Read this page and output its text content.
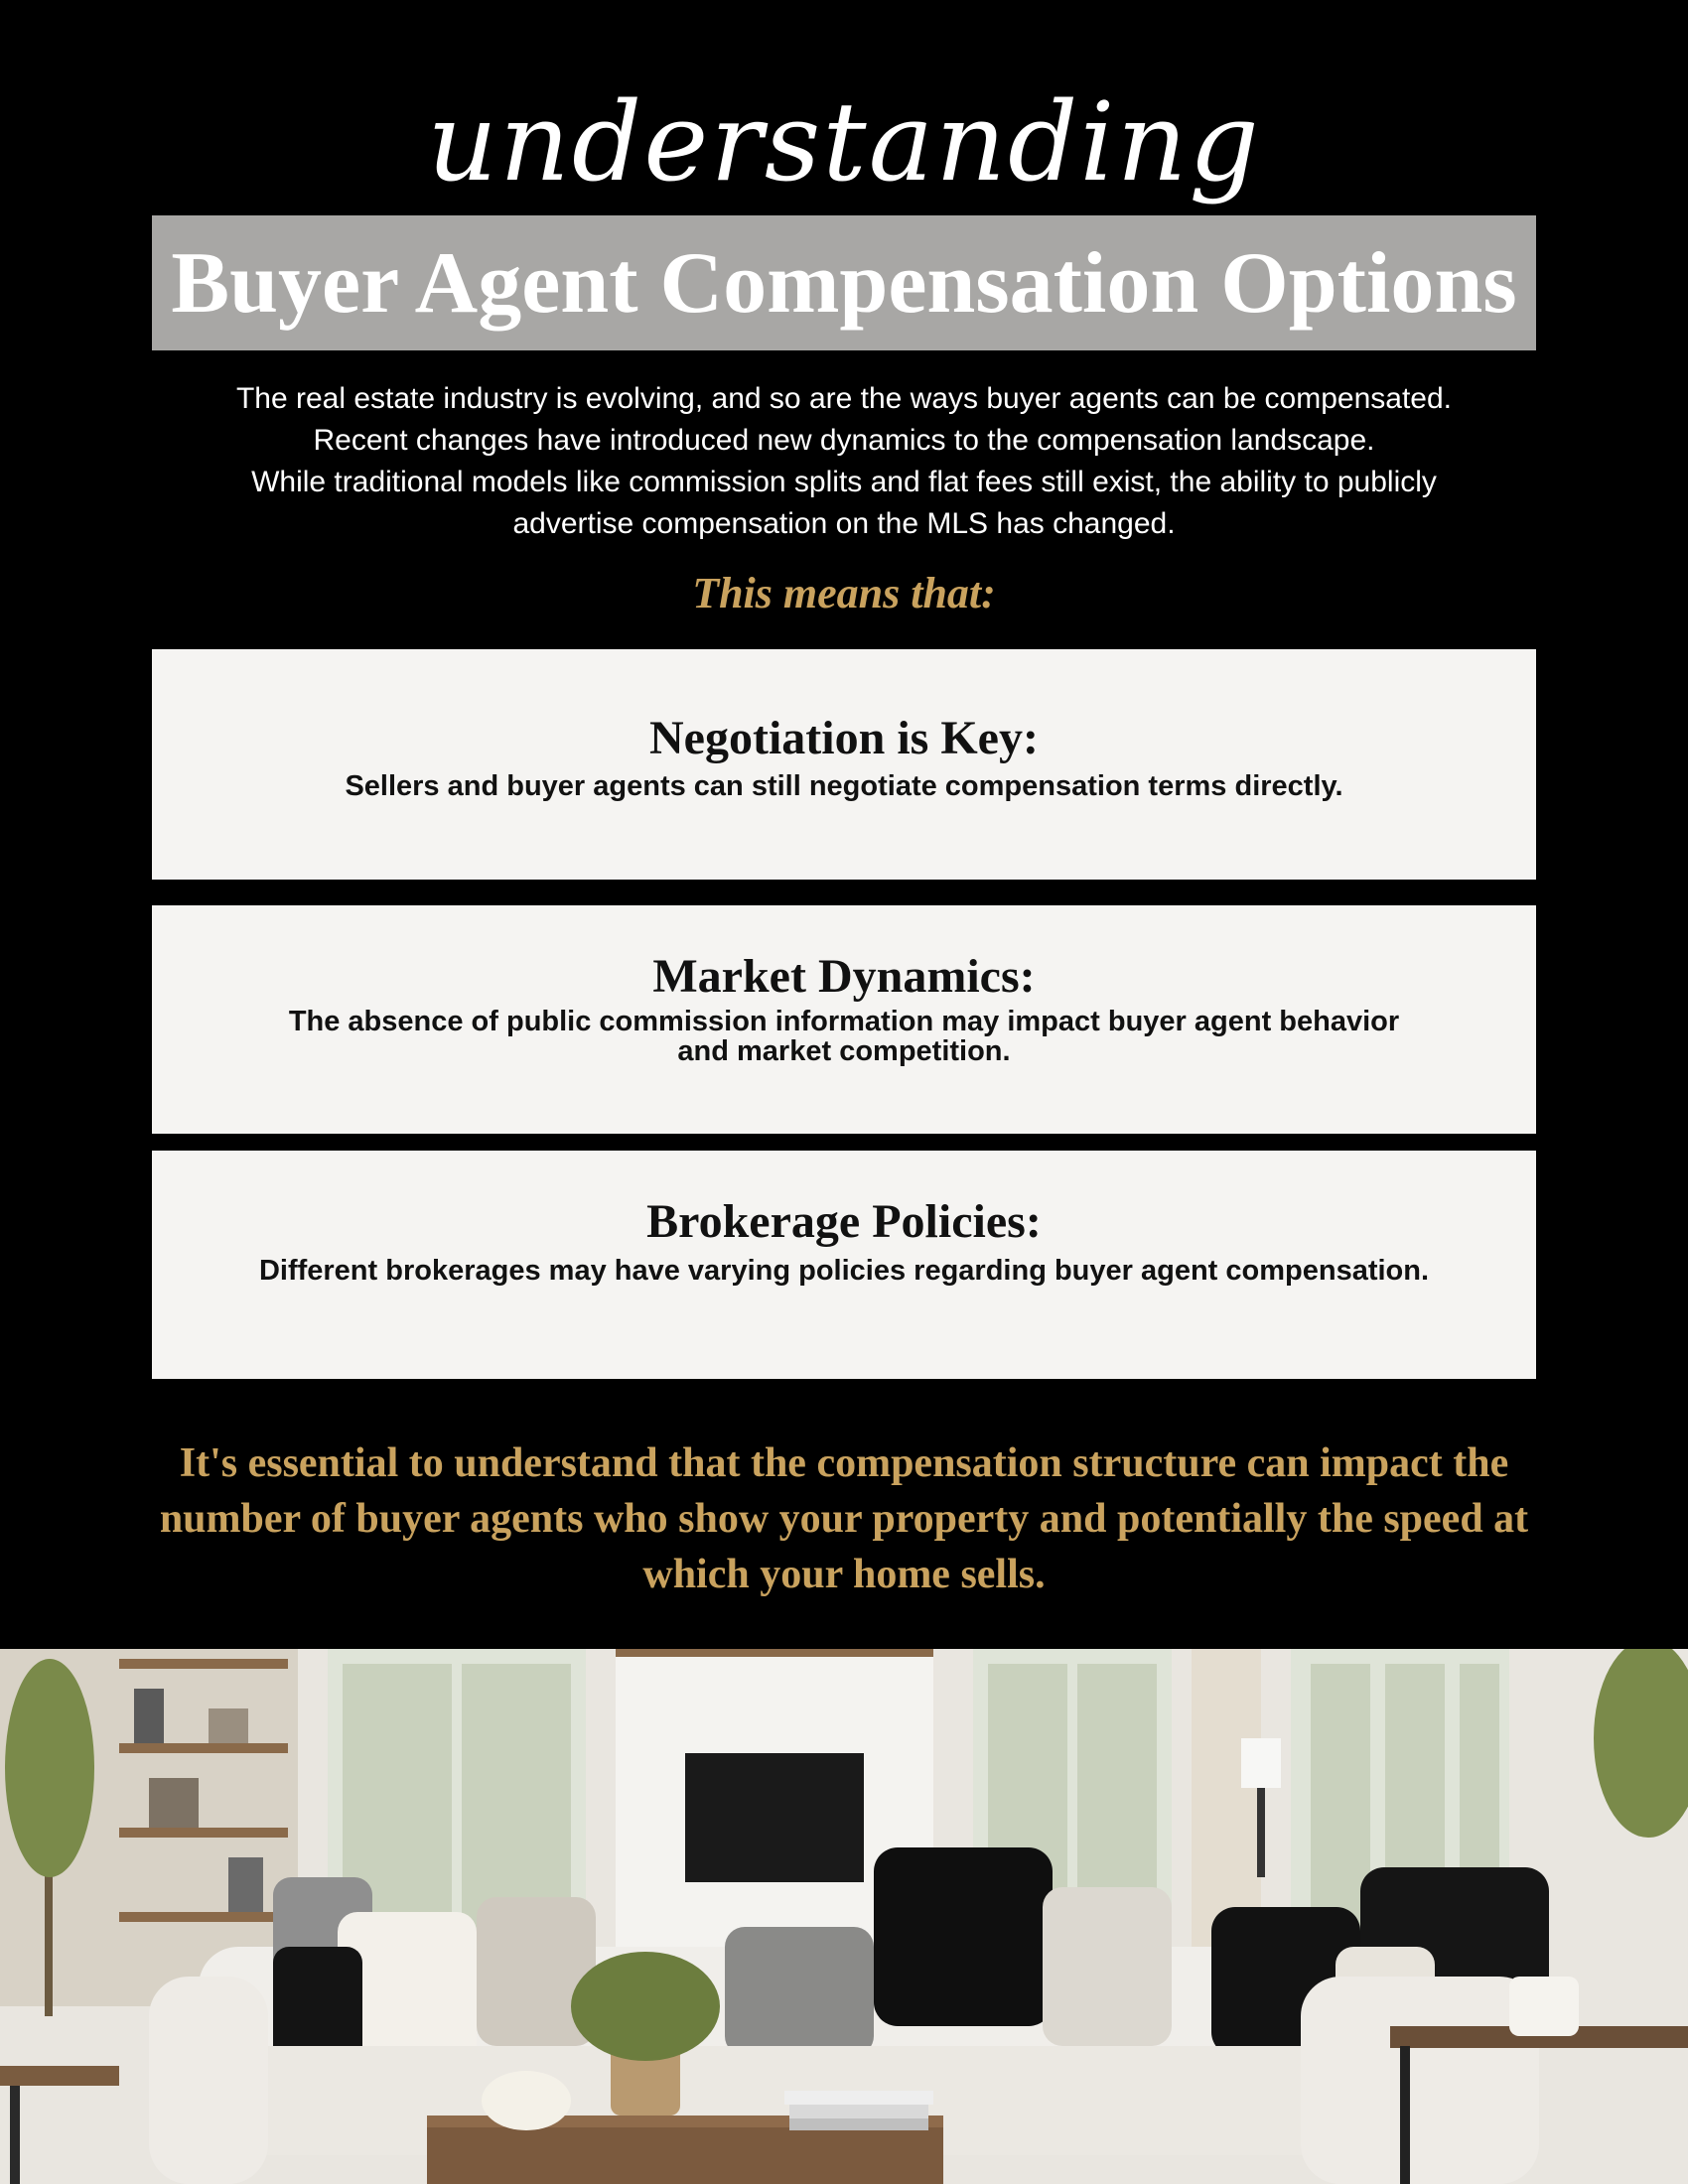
understanding
Buyer Agent Compensation Options
The real estate industry is evolving, and so are the ways buyer agents can be compensated.
Recent changes have introduced new dynamics to the compensation landscape.
While traditional models like commission splits and flat fees still exist, the ability to publicly
advertise compensation on the MLS has changed.
This means that:
Negotiation is Key:
Sellers and buyer agents can still negotiate compensation terms directly.
Market Dynamics:
The absence of public commission information may impact buyer agent behavior and market competition.
Brokerage Policies:
Different brokerages may have varying policies regarding buyer agent compensation.
It's essential to understand that the compensation structure can impact the number of buyer agents who show your property and potentially the speed at which your home sells.
